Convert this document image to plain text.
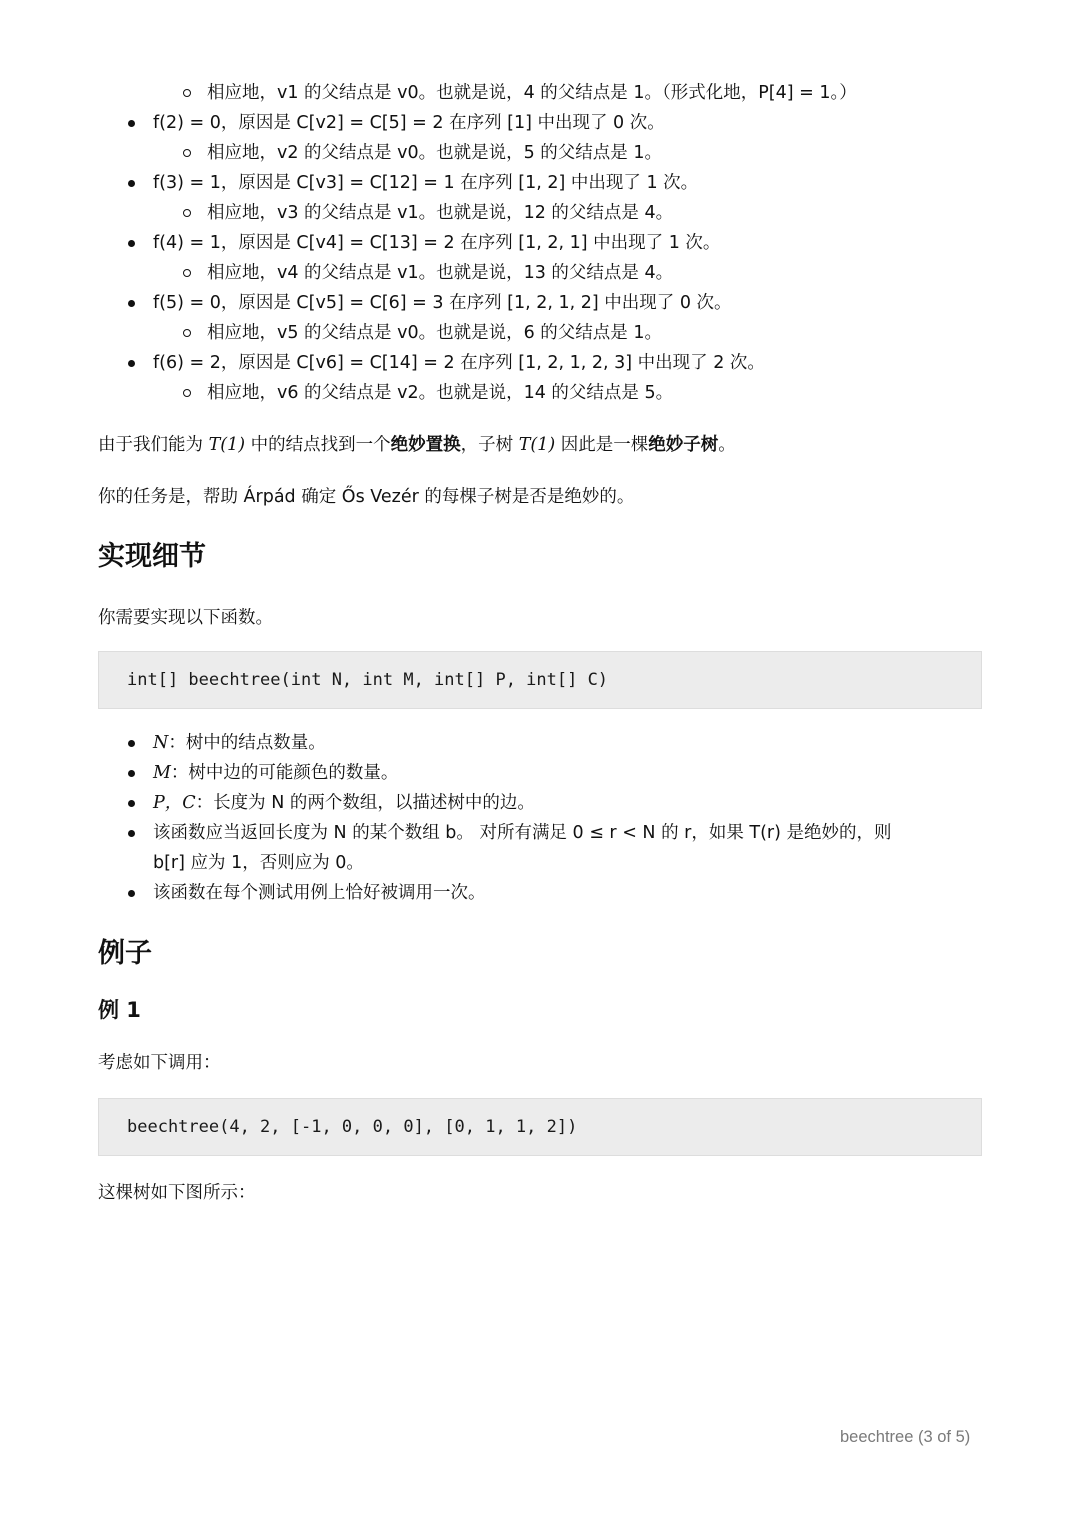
相应地，v1 的父结点是 v0。也就是说，4 的父结点是 1。（形式化地，P[4] = 1。）
f(2) = 0，原因是 C[v2] = C[5] = 2 在序列 [1] 中出现了 0 次。
相应地，v2 的父结点是 v0。也就是说，5 的父结点是 1。
f(3) = 1，原因是 C[v3] = C[12] = 1 在序列 [1, 2] 中出现了 1 次。
相应地，v3 的父结点是 v1。也就是说，12 的父结点是 4。
f(4) = 1，原因是 C[v4] = C[13] = 2 在序列 [1, 2, 1] 中出现了 1 次。
相应地，v4 的父结点是 v1。也就是说，13 的父结点是 4。
f(5) = 0，原因是 C[v5] = C[6] = 3 在序列 [1, 2, 1, 2] 中出现了 0 次。
相应地，v5 的父结点是 v0。也就是说，6 的父结点是 1。
f(6) = 2，原因是 C[v6] = C[14] = 2 在序列 [1, 2, 1, 2, 3] 中出现了 2 次。
相应地，v6 的父结点是 v2。也就是说，14 的父结点是 5。

由于我们能为 T(1) 中的结点找到一个绝妙置换，子树 T(1) 因此是一棵绝妙子树。

你的任务是，帮助 Árpád 确定 Ős Vezér 的每棵子树是否是绝妙的。

实现细节

你需要实现以下函数。

int[] beechtree(int N, int M, int[] P, int[] C)
N：树中的结点数量。
M：树中边的可能颜色的数量。
P，C：长度为 N 的两个数组，以描述树中的边。
该函数应当返回长度为 N 的某个数组 b。 对所有满足 0 ≤ r < N 的 r，如果 T(r) 是绝妙的，则
b[r] 应为 1，否则应为 0。
该函数在每个测试用例上恰好被调用一次。
例子
例 1

考虑如下调用：

beechtree(4, 2, [-1, 0, 0, 0], [0, 1, 1, 2])

这棵树如下图所示：

beechtree (3 of 5)
